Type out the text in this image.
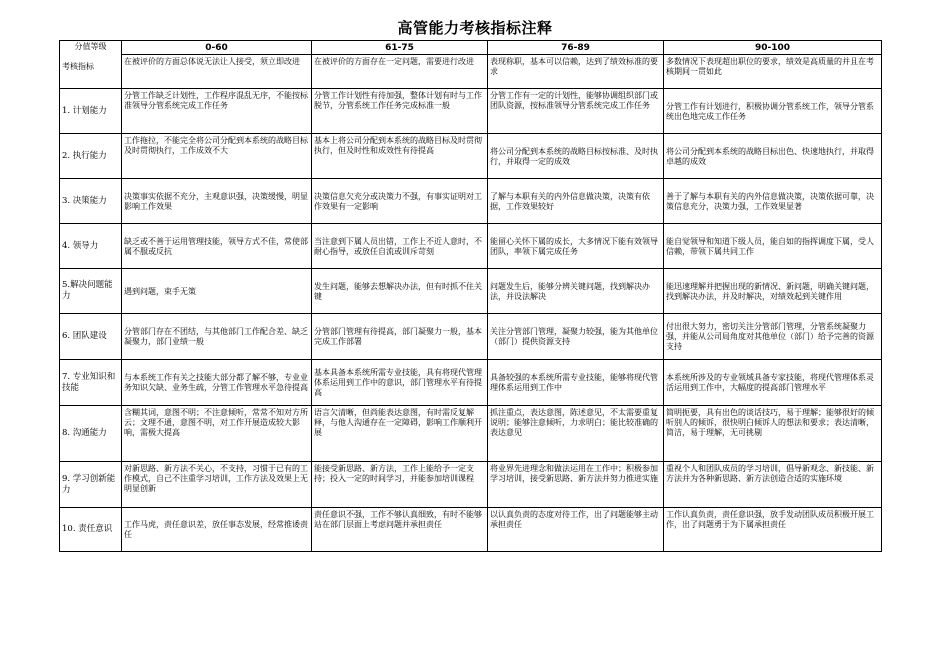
高管能力考核指标注释
分值等级
考核指标	0-60	61-75	76-89	90-100
	在被评价的方面总体说无法让人接受，须立即改进	在被评价的方面存在一定问题，需要进行改进	表现称职，基本可以信赖，达到了绩效标准的要求	多数情况下表现超出职位的要求，绩效是高质量的并且在考核期间一贯如此
1. 计划能力	分管工作缺乏计划性，工作程序混乱无序，不能按标准领导分管系统完成工作任务	分管工作计划性有待加强，整体计划有时与工作脱节，分管系统工作任务完成标准一般	分管工作有一定的计划性，能够协调组织部门或团队资源，按标准领导分管系统完成工作任务	分管工作有计划进行，积极协调分管系统工作，领导分管系统出色地完成工作任务
2. 执行能力	工作拖拉，不能完全将公司分配到本系统的战略目标及时贯彻执行，工作成效不大	基本上将公司分配到本系统的战略目标及时贯彻执行，但及时性和成效性有待提高	将公司分配到本系统的战略目标按标准、及时执行，并取得一定的成效	将公司分配到本系统的战略目标出色、快速地执行，并取得卓越的成效
3. 决策能力	决策事实依据不充分，主观意识强，决策缓慢，明显影响工作效果	决策信息欠充分或决策力不强，有事实证明对工作效果有一定影响	了解与本职有关的内外信息做决策，决策有依据，工作效果较好	善于了解与本职有关的内外信息做决策，决策依据可靠，决策信息充分，决策力强，工作效果显著
4. 领导力	缺乏或不善于运用管理技能，领导方式不佳，常使部属不服或反抗	当注意到下属人员出错，工作上不近人意时，不耐心指导，或放任自流或训斥苛刻	能留心关怀下属的成长，大多情况下能有效领导团队，率领下属完成任务	能自觉领导和知道下级人员，能自如的指挥调度下属，受人信赖，带领下属共同工作
5.解决问题能力	遇到问题，束手无策	发生问题，能够去想解决办法，但有时抓不住关键	问题发生后，能够分辨关键问题，找到解决办法，并设法解决	能迅速理解并把握出现的新情况、新问题，明确关键问题，找到解决办法，并及时解决，对绩效起到关键作用
6. 团队建设	分管部门存在不团结，与其他部门工作配合差、缺乏凝聚力，部门业绩一般	分管部门管理有待提高，部门凝聚力一般，基本完成工作部署	关注分管部门管理，凝聚力较强，能为其他单位（部门）提供资源支持	付出很大努力，密切关注分管部门管理，分管系统凝聚力强，并能从公司局角度对其他单位（部门）给予完善的资源支持
7. 专业知识和技能	与本系统工作有关之技能大部分都了解不够，专业业务知识欠缺、业务生疏，分管工作管理水平急待提高	基本具备本系统所需专业技能，具有将现代管理体系运用到工作中的意识，部门管理水平有待提高	具备较强的本系统所需专业技能，能够将现代管理体系运用到工作中	本系统所涉及的专业领域具备专家技能，将现代管理体系灵活运用到工作中，大幅度的提高部门管理水平
8. 沟通能力	含糊其词，意图不明；不注意倾听，常常不知对方所云；文理不通，意图不明，对工作开展造成较大影响，需极大提高	语言欠清晰，但尚能表达意图，有时需反复解释，与他人沟通存在一定障碍，影响工作顺利开展	抓注重点，表达意图，陈述意见，不太需要重复说明；能够注意倾听，力求明白；能比较准确的表达意见	简明扼要，具有出色的谈话技巧，易于理解；能够很好的倾听别人的倾诉，很快明白倾诉人的想法和要求；表达清晰，简洁，易于理解，无可挑剔
9. 学习创新能力	对新思路、新方法不关心，不支持，习惯于已有的工作模式，自己不注重学习培训，工作方法及效果上无明显创新	能接受新思路、新方法，工作上能给予一定支持；投入一定的时间学习，并能参加培训课程	将业界先进理念和做法运用在工作中；积极参加学习培训，接受新思路、新方法并努力推进实施	重视个人和团队成员的学习培训，倡导新观念、新技能、新方法并为各种新思路、新方法创造合适的实施环境
10. 责任意识	工作马虎，责任意识差，放任事态发展，经常推诿责任	责任意识不强，工作不够认真细致，有时不能够站在部门层面上考虑问题并承担责任	以认真负责的态度对待工作，出了问题能够主动承担责任	工作认真负责，责任意识强，放手发动团队成员积极开展工作，出了问题勇于为下属承担责任
